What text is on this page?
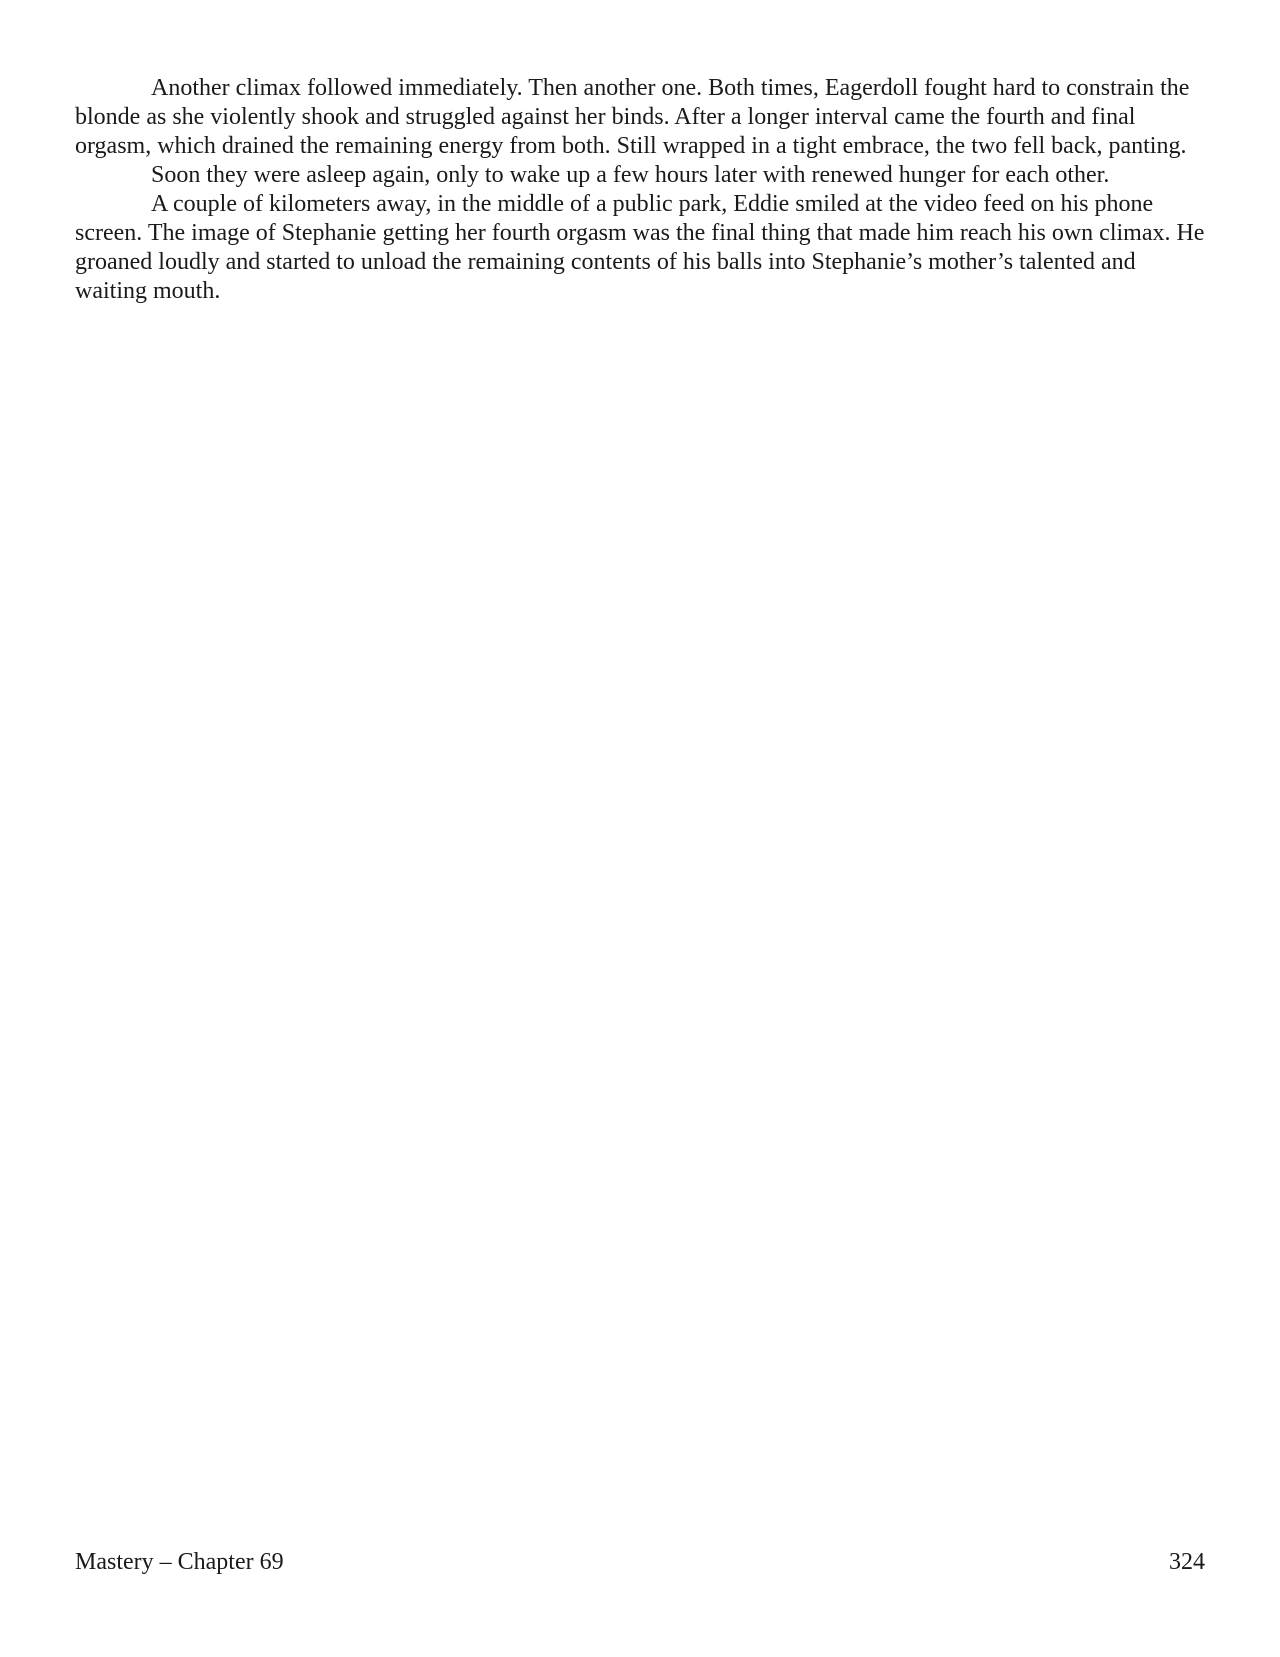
Another climax followed immediately. Then another one. Both times, Eagerdoll fought hard to constrain the blonde as she violently shook and struggled against her binds. After a longer interval came the fourth and final orgasm, which drained the remaining energy from both. Still wrapped in a tight embrace, the two fell back, panting.

Soon they were asleep again, only to wake up a few hours later with renewed hunger for each other.

A couple of kilometers away, in the middle of a public park, Eddie smiled at the video feed on his phone screen. The image of Stephanie getting her fourth orgasm was the final thing that made him reach his own climax. He groaned loudly and started to unload the remaining contents of his balls into Stephanie’s mother’s talented and waiting mouth.

Mastery – Chapter 69	324
